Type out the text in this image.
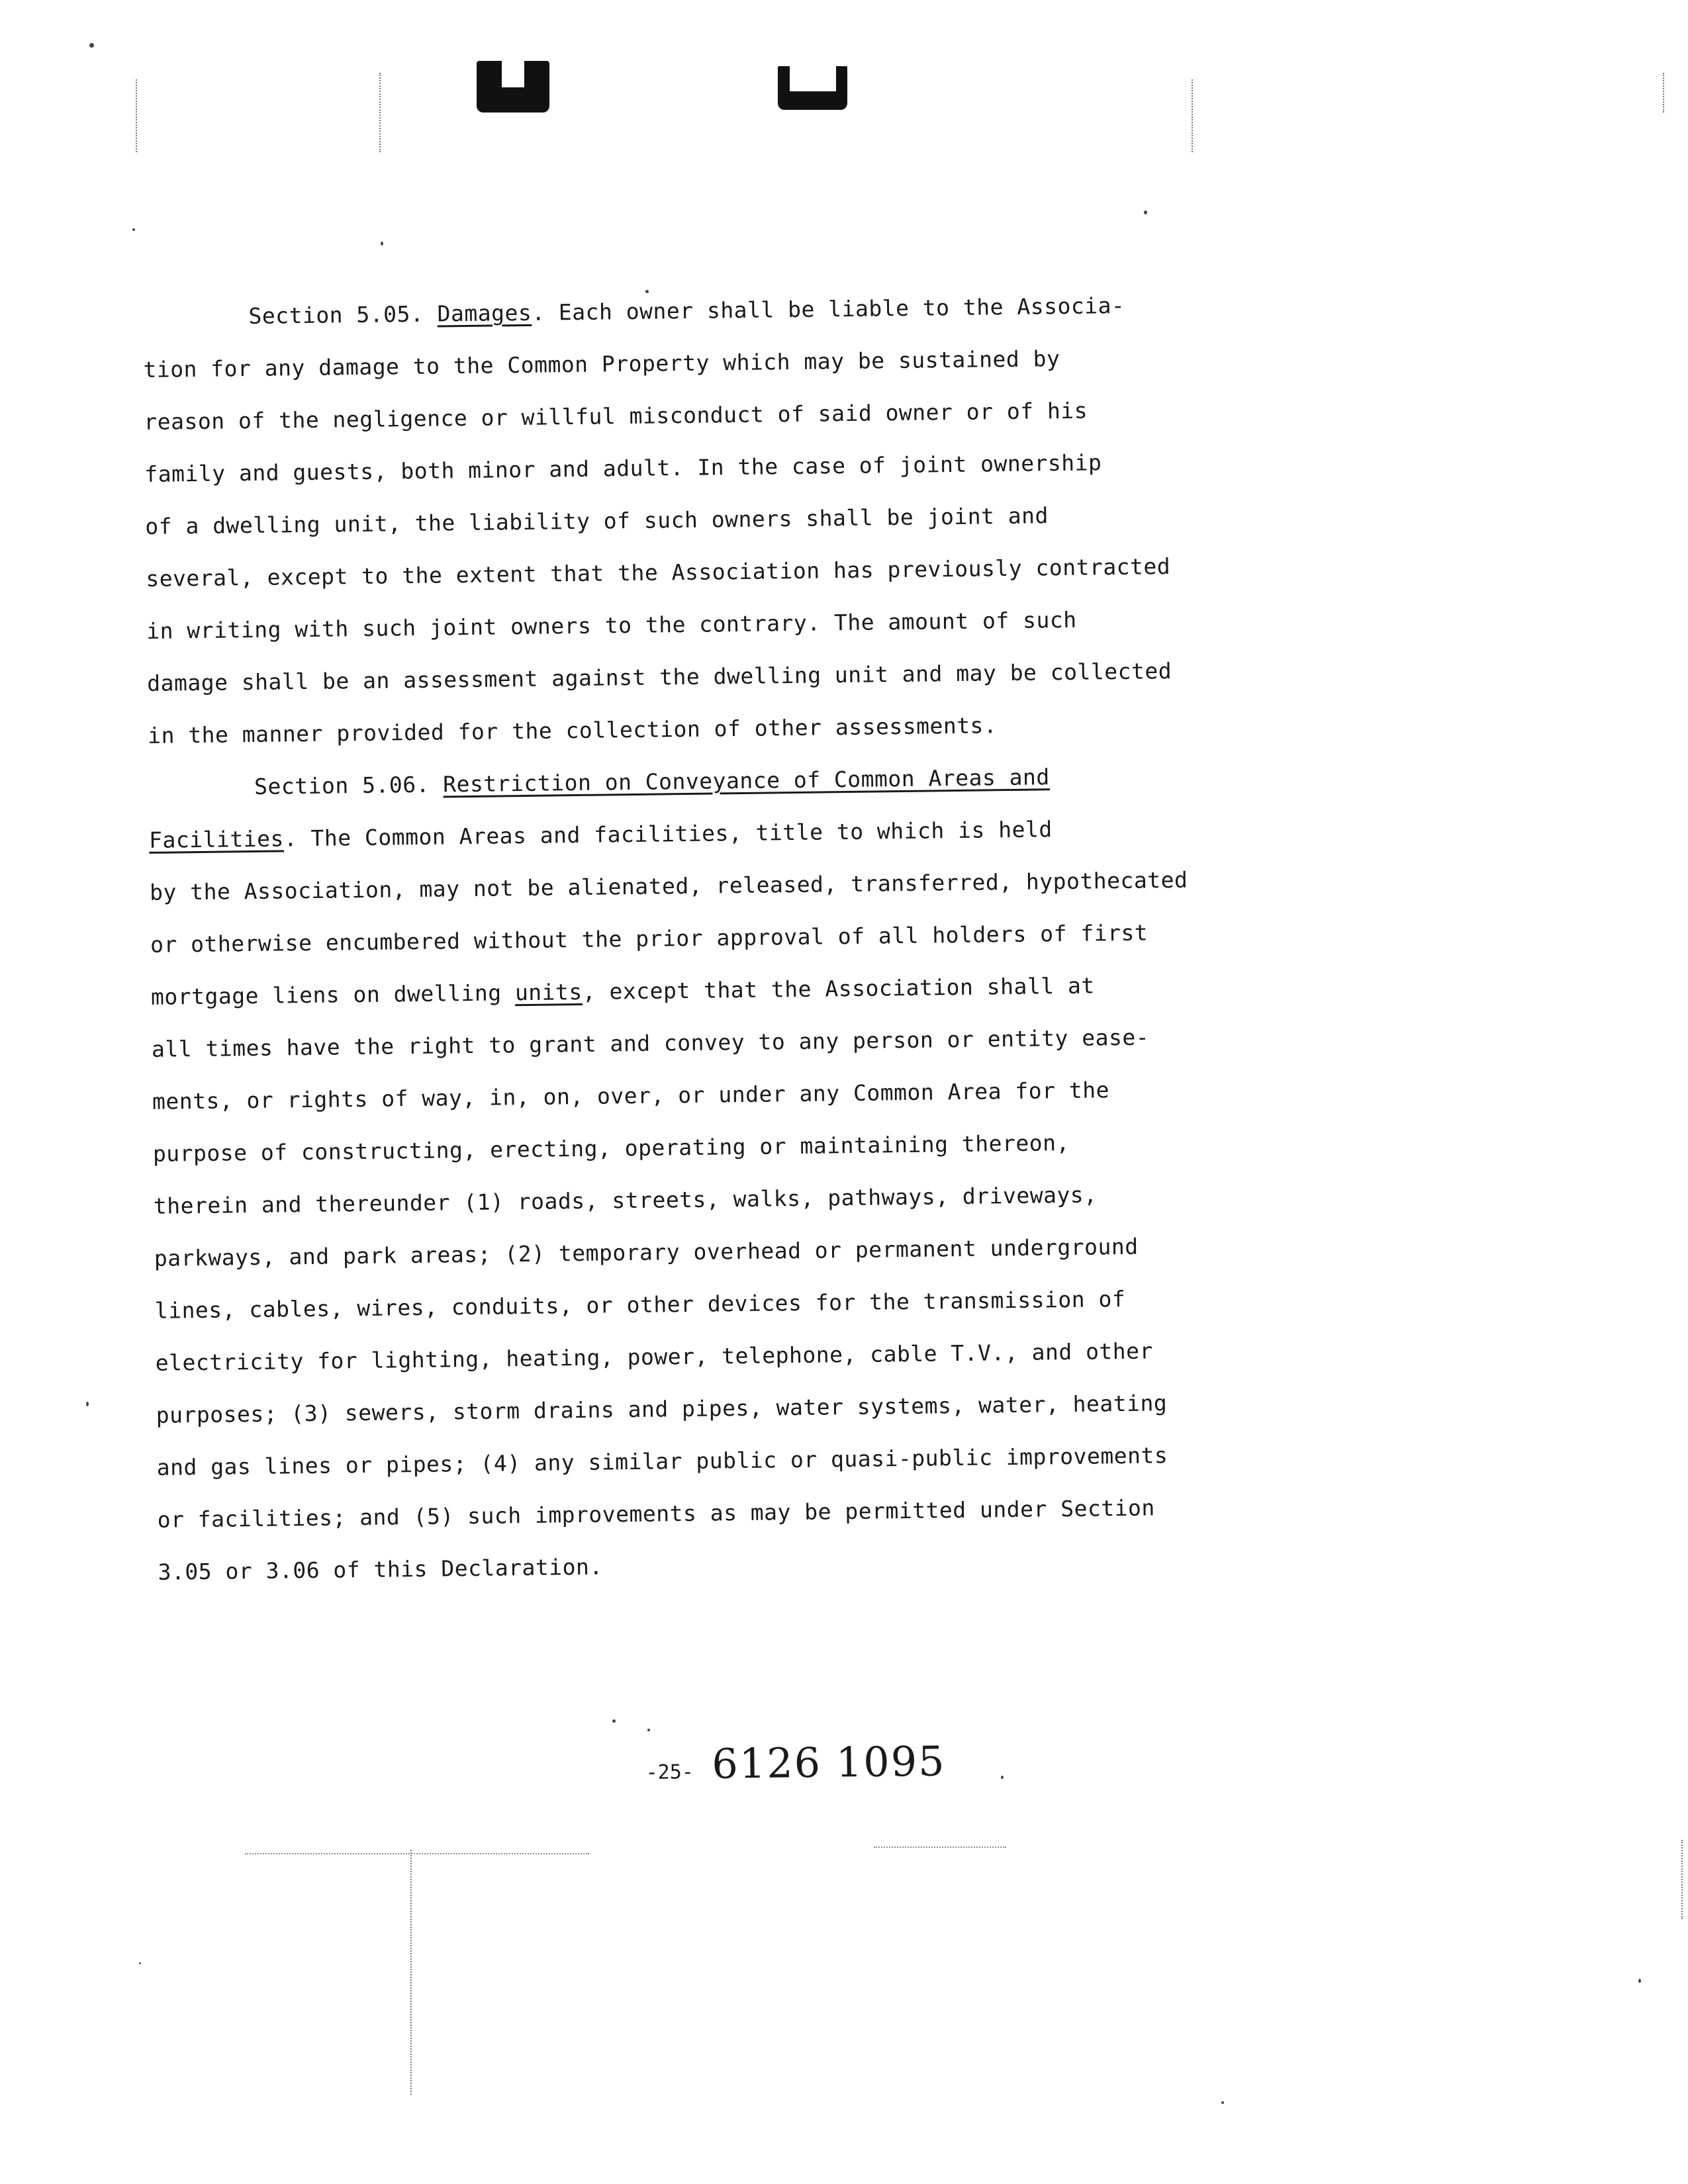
Section 5.05. Damages. Each owner shall be liable to the Associa-
tion for any damage to the Common Property which may be sustained by
reason of the negligence or willful misconduct of said owner or of his
family and guests, both minor and adult. In the case of joint ownership
of a dwelling unit, the liability of such owners shall be joint and
several, except to the extent that the Association has previously contracted
in writing with such joint owners to the contrary. The amount of such
damage shall be an assessment against the dwelling unit and may be collected
in the manner provided for the collection of other assessments.
Section 5.06. Restriction on Conveyance of Common Areas and
Facilities. The Common Areas and facilities, title to which is held
by the Association, may not be alienated, released, transferred, hypothecated
or otherwise encumbered without the prior approval of all holders of first
mortgage liens on dwelling units, except that the Association shall at
all times have the right to grant and convey to any person or entity ease-
ments, or rights of way, in, on, over, or under any Common Area for the
purpose of constructing, erecting, operating or maintaining thereon,
therein and thereunder (1) roads, streets, walks, pathways, driveways,
parkways, and park areas; (2) temporary overhead or permanent underground
lines, cables, wires, conduits, or other devices for the transmission of
electricity for lighting, heating, power, telephone, cable T.V., and other
purposes; (3) sewers, storm drains and pipes, water systems, water, heating
and gas lines or pipes; (4) any similar public or quasi-public improvements
or facilities; and (5) such improvements as may be permitted under Section
3.05 or 3.06 of this Declaration.
-25- 6126 1095
